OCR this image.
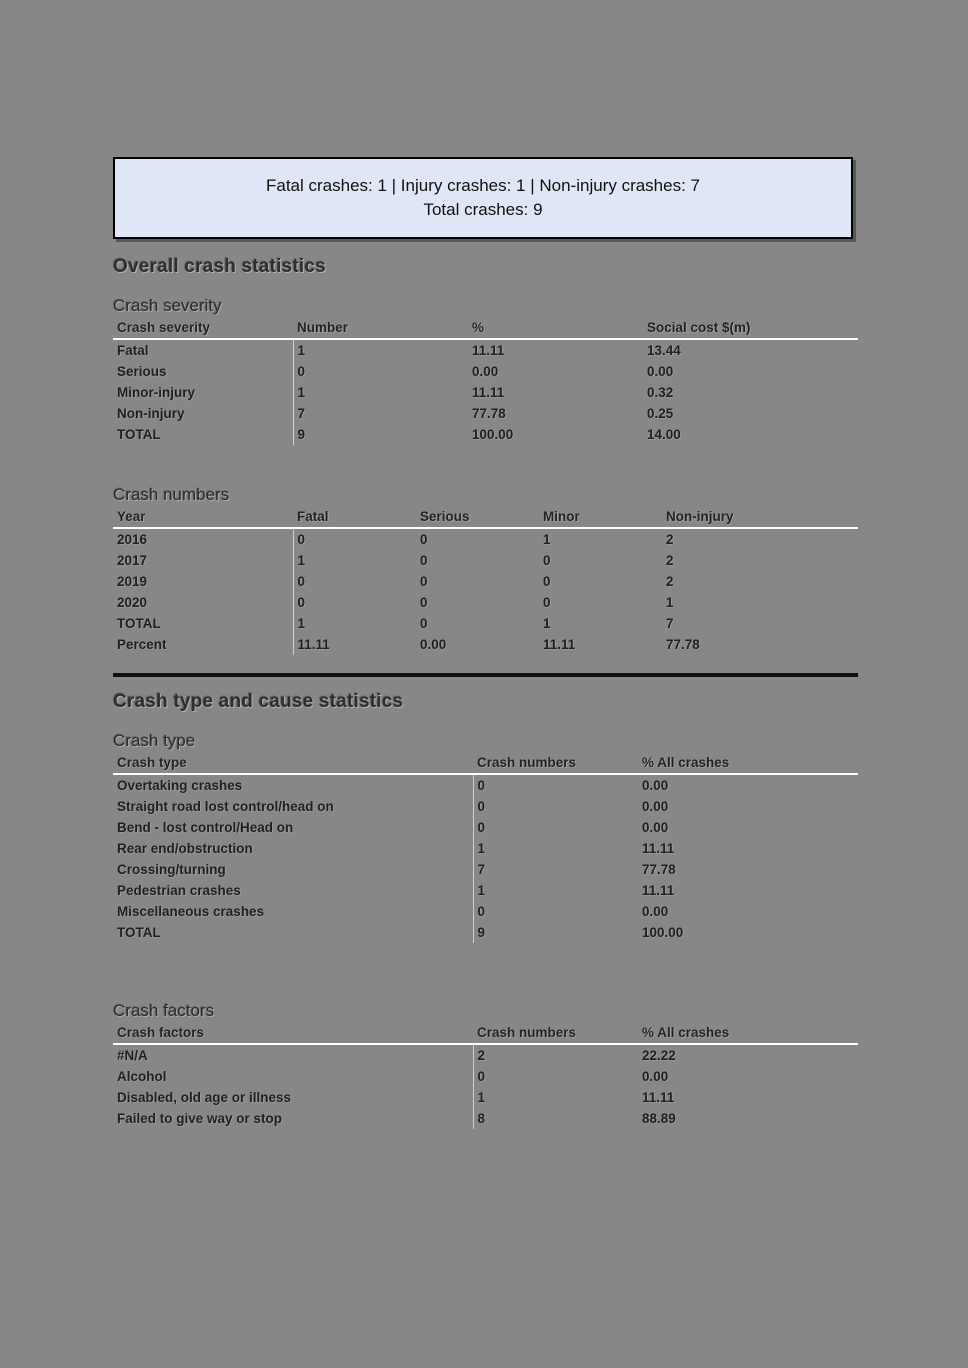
Fatal crashes: 1 | Injury crashes: 1 | Non-injury crashes: 7
Total crashes: 9
Overall crash statistics
Crash severity
Crash severity	Number	%	Social cost $(m)
Fatal	1	11.11	13.44
Serious	0	0.00	0.00
Minor-injury	1	11.11	0.32
Non-injury	7	77.78	0.25
TOTAL	9	100.00	14.00
Crash numbers
Year	Fatal	Serious	Minor	Non-injury
2016	0	0	1	2
2017	1	0	0	2
2019	0	0	0	2
2020	0	0	0	1
TOTAL	1	0	1	7
Percent	11.11	0.00	11.11	77.78
Crash type and cause statistics
Crash type
Crash type	Crash numbers	% All crashes
Overtaking crashes	0	0.00
Straight road lost control/head on	0	0.00
Bend - lost control/Head on	0	0.00
Rear end/obstruction	1	11.11
Crossing/turning	7	77.78
Pedestrian crashes	1	11.11
Miscellaneous crashes	0	0.00
TOTAL	9	100.00
Crash factors
Crash factors	Crash numbers	% All crashes
#N/A	2	22.22
Alcohol	0	0.00
Disabled, old age or illness	1	11.11
Failed to give way or stop	8	88.89
